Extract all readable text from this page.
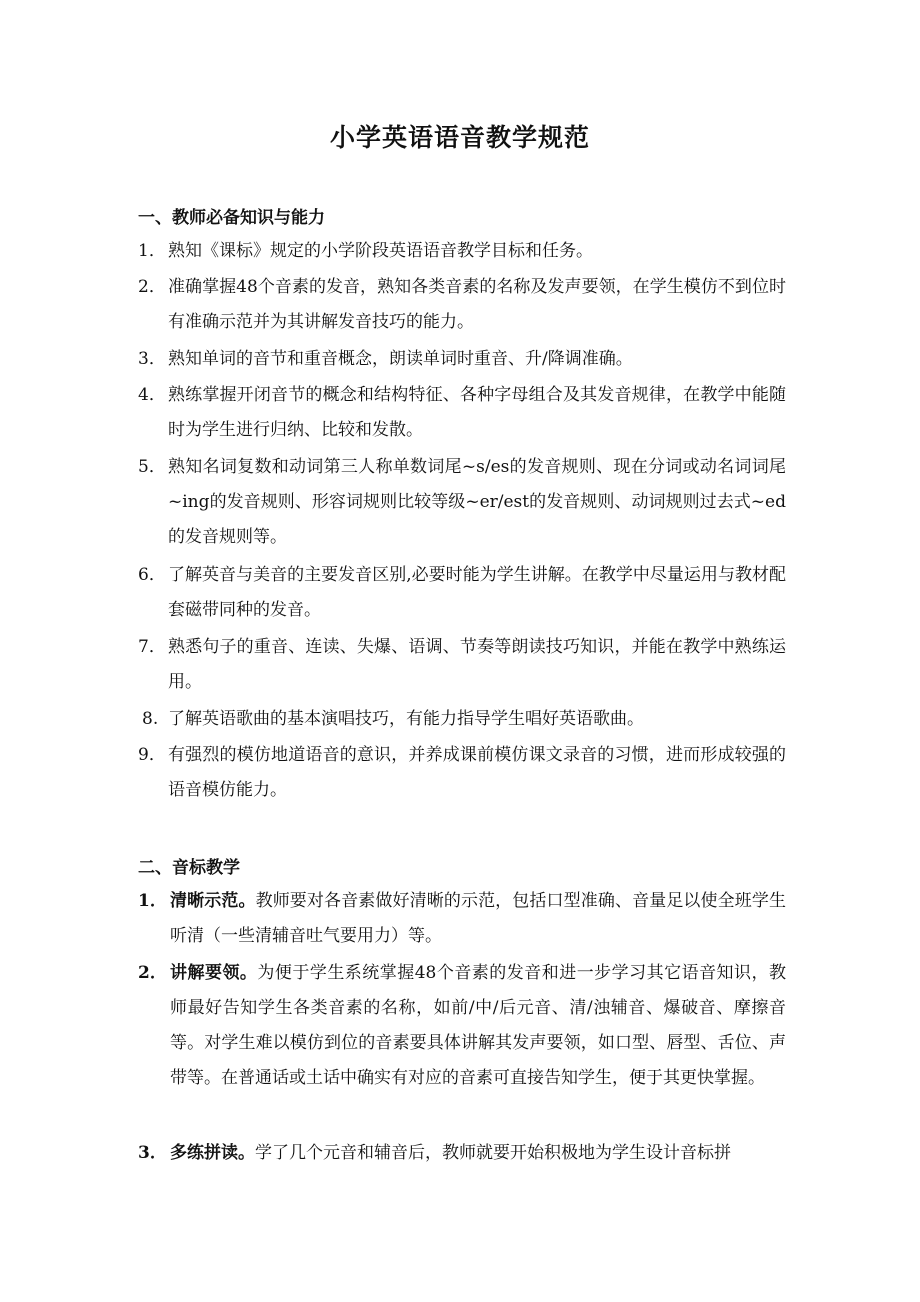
小学英语语音教学规范
一、教师必备知识与能力
1． 熟知《课标》规定的小学阶段英语语音教学目标和任务。
2． 准确掌握48个音素的发音，熟知各类音素的名称及发声要领，在学生模仿不到位时有准确示范并为其讲解发音技巧的能力。
3． 熟知单词的音节和重音概念，朗读单词时重音、升/降调准确。
4． 熟练掌握开闭音节的概念和结构特征、各种字母组合及其发音规律，在教学中能随时为学生进行归纳、比较和发散。
5． 熟知名词复数和动词第三人称单数词尾~s/es的发音规则、现在分词或动名词词尾~ing的发音规则、形容词规则比较等级~er/est的发音规则、动词规则过去式~ed的发音规则等。
6． 了解英音与美音的主要发音区别,必要时能为学生讲解。在教学中尽量运用与教材配套磁带同种的发音。
7． 熟悉句子的重音、连读、失爆、语调、节奏等朗读技巧知识，并能在教学中熟练运用。
8. 了解英语歌曲的基本演唱技巧，有能力指导学生唱好英语歌曲。
9． 有强烈的模仿地道语音的意识，并养成课前模仿课文录音的习惯，进而形成较强的语音模仿能力。
二、音标教学
1． 清晰示范。教师要对各音素做好清晰的示范，包括口型准确、音量足以使全班学生听清（一些清辅音吐气要用力）等。
2． 讲解要领。为便于学生系统掌握48个音素的发音和进一步学习其它语音知识，教师最好告知学生各类音素的名称，如前/中/后元音、清/浊辅音、爆破音、摩擦音等。对学生难以模仿到位的音素要具体讲解其发声要领，如口型、唇型、舌位、声带等。在普通话或土话中确实有对应的音素可直接告知学生，便于其更快掌握。
3． 多练拼读。学了几个元音和辅音后，教师就要开始积极地为学生设计音标拼
